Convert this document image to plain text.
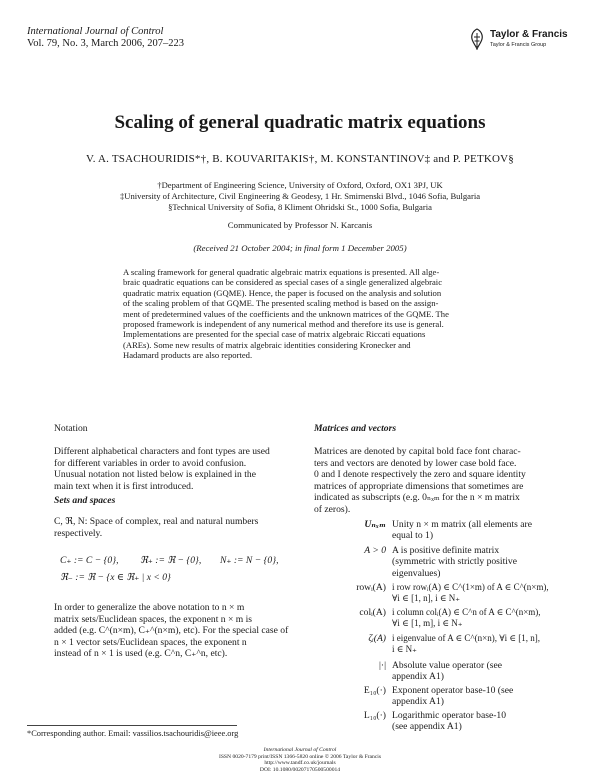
International Journal of Control
Vol. 79, No. 3, March 2006, 207–223
Taylor & Francis
Taylor & Francis Group
Scaling of general quadratic matrix equations
V. A. TSACHOURIDIS*†, B. KOUVARITAKIS†, M. KONSTANTINOV‡ and P. PETKOV§
†Department of Engineering Science, University of Oxford, Oxford, OX1 3PJ, UK
‡University of Architecture, Civil Engineering & Geodesy, 1 Hr. Smirnenski Blvd., 1046 Sofia, Bulgaria
§Technical University of Sofia, 8 Kliment Ohridski St., 1000 Sofia, Bulgaria
Communicated by Professor N. Karcanis
(Received 21 October 2004; in final form 1 December 2005)
A scaling framework for general quadratic algebraic matrix equations is presented. All alge-
braic quadratic equations can be considered as special cases of a single generalized algebraic
quadratic matrix equation (GQME). Hence, the paper is focused on the analysis and solution
of the scaling problem of that GQME. The presented scaling method is based on the assign-
ment of predetermined values of the coefficients and the unknown matrices of the GQME. The
proposed framework is independent of any numerical method and therefore its use is general.
Implementations are presented for the special case of matrix algebraic Riccati equations
(AREs). Some new results of matrix algebraic identities considering Kronecker and
Hadamard products are also reported.
Notation
Different alphabetical characters and font types are used
for different variables in order to avoid confusion.
Unusual notation not listed below is explained in the
main text when it is first introduced.
Sets and spaces
C, ℜ, N: Space of complex, real and natural numbers
respectively.
C₊ := C − {0}, ℜ₊ := ℜ − {0}, N₊ := N − {0},
ℜ₋ := ℜ − {x ∈ ℜ₊ | x < 0}
In order to generalize the above notation to n × m
matrix sets/Euclidean spaces, the exponent n × m is
added (e.g. C^(n×m), C₊^(n×m), etc). For the special case of
n × 1 vector sets/Euclidean spaces, the exponent n
instead of n × 1 is used (e.g. C^n, C₊^n, etc).
Matrices and vectors
Matrices are denoted by capital bold face font charac-
ters and vectors are denoted by lower case bold face.
0 and I denote respectively the zero and square identity
matrices of appropriate dimensions that sometimes are
indicated as subscripts (e.g. 0ₙₓₘ for the n × m matrix
of zeros).
Uₙₓₘ Unity n × m matrix (all elements are
equal to 1)
A > 0 A is positive definite matrix
(symmetric with strictly positive
eigenvalues)
rowᵢ(A) i row rowᵢ(A) ∈ C^(1×m) of A ∈ C^(n×m),
∀i ∈ [1, n], i ∈ N₊
colᵢ(A) i column colᵢ(A) ∈ C^n of A ∈ C^(n×m),
∀i ∈ [1, m], i ∈ N₊
ζᵢ(A) i eigenvalue of A ∈ C^(n×n), ∀i ∈ [1, n],
i ∈ N₊
|·| Absolute value operator (see
appendix A1)
E₁₀(·) Exponent operator base-10 (see
appendix A1)
L₁₀(·) Logarithmic operator base-10
(see appendix A1)
*Corresponding author. Email: vassilios.tsachouridis@ieee.org
International Journal of Control
ISSN 0020-7179 print/ISSN 1366-5820 online © 2006 Taylor & Francis
http://www.tandf.co.uk/journals
DOI: 10.1080/00207170500500014
